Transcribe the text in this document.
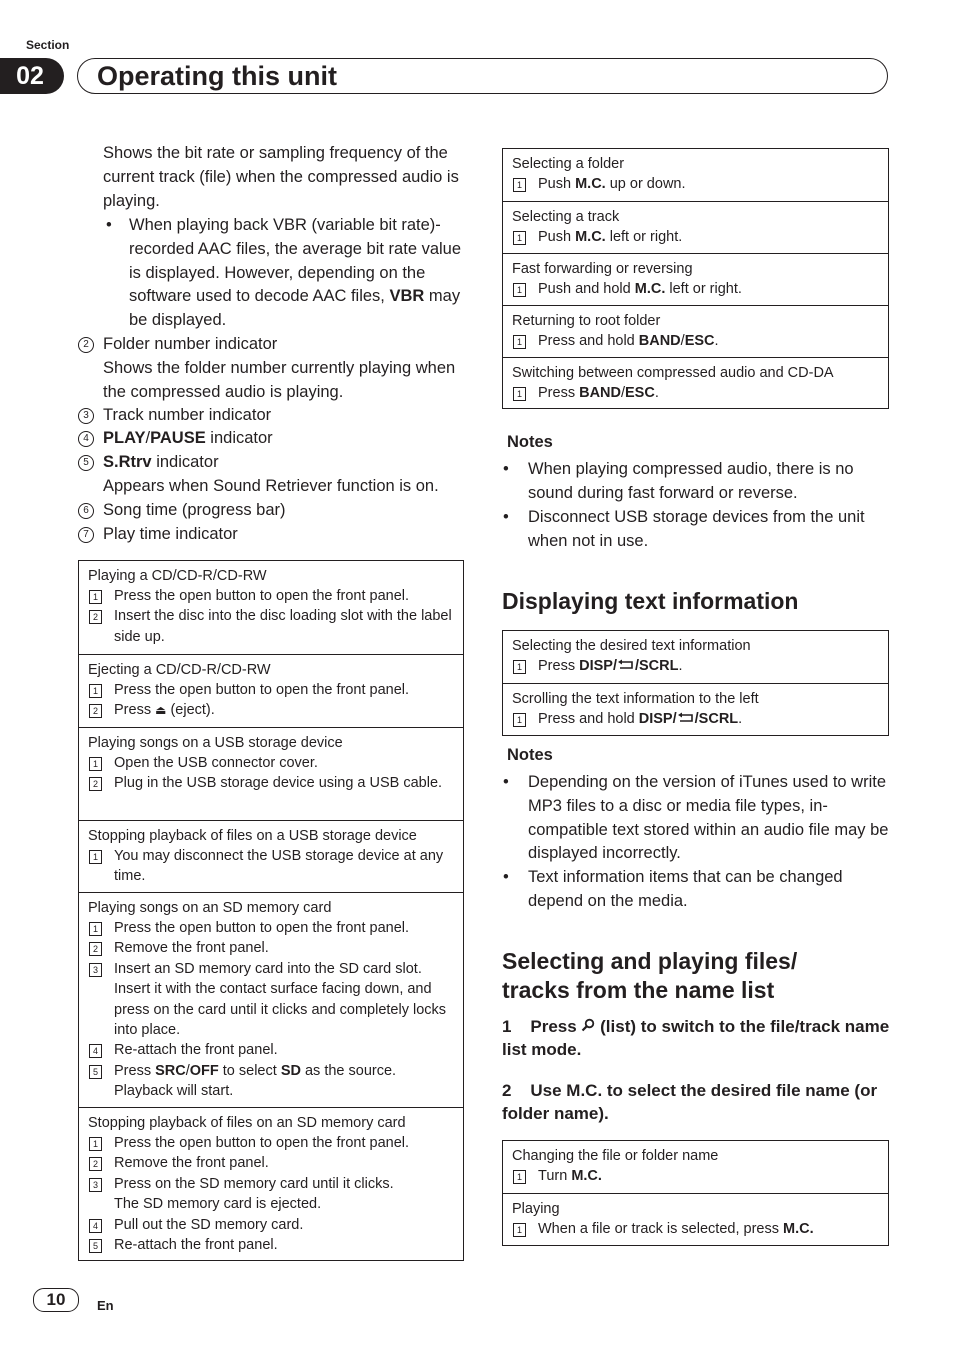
Section
02	Operating this unit
Shows the bit rate or sampling frequency of the current track (file) when the compressed audio is playing.
• When playing back VBR (variable bit rate)-recorded AAC files, the average bit rate value is displayed. However, depending on the software used to decode AAC files, VBR may be displayed.
2 Folder number indicator
Shows the folder number currently playing when the compressed audio is playing.
3 Track number indicator
4 PLAY/PAUSE indicator
5 S.Rtrv indicator
Appears when Sound Retriever function is on.
6 Song time (progress bar)
7 Play time indicator
Playing a CD/CD-R/CD-RW
1 Press the open button to open the front panel.
2 Insert the disc into the disc loading slot with the label side up.
Ejecting a CD/CD-R/CD-RW
1 Press the open button to open the front panel.
2 Press ⏏ (eject).
Playing songs on a USB storage device
1 Open the USB connector cover.
2 Plug in the USB storage device using a USB cable.
Stopping playback of files on a USB storage device
1 You may disconnect the USB storage device at any time.
Playing songs on an SD memory card
1 Press the open button to open the front panel.
2 Remove the front panel.
3 Insert an SD memory card into the SD card slot. Insert it with the contact surface facing down, and press on the card until it clicks and completely locks into place.
4 Re-attach the front panel.
5 Press SRC/OFF to select SD as the source.
Playback will start.
Stopping playback of files on an SD memory card
1 Press the open button to open the front panel.
2 Remove the front panel.
3 Press on the SD memory card until it clicks.
The SD memory card is ejected.
4 Pull out the SD memory card.
5 Re-attach the front panel.
Selecting a folder
1 Push M.C. up or down.
Selecting a track
1 Push M.C. left or right.
Fast forwarding or reversing
1 Push and hold M.C. left or right.
Returning to root folder
1 Press and hold BAND/ESC.
Switching between compressed audio and CD-DA
1 Press BAND/ESC.
Notes
• When playing compressed audio, there is no sound during fast forward or reverse.
• Disconnect USB storage devices from the unit when not in use.
Displaying text information
Selecting the desired text information
1 Press DISP/ /SCRL.
Scrolling the text information to the left
1 Press and hold DISP/ /SCRL.
Notes
• Depending on the version of iTunes used to write MP3 files to a disc or media file types, incompatible text stored within an audio file may be displayed incorrectly.
• Text information items that can be changed depend on the media.
Selecting and playing files/
tracks from the name list
1 Press  (list) to switch to the file/track name list mode.
2 Use M.C. to select the desired file name (or folder name).
Changing the file or folder name
1 Turn M.C.
Playing
1 When a file or track is selected, press M.C.
10	En
